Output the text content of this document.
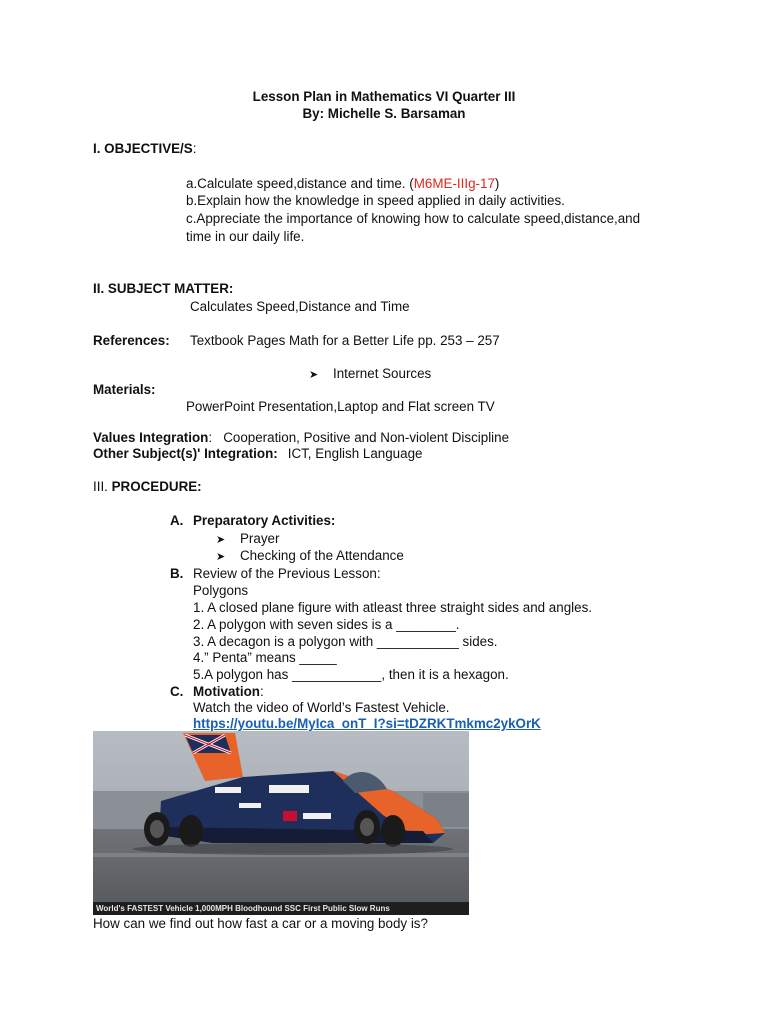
Lesson Plan in Mathematics VI Quarter III
By: Michelle S. Barsaman
I. OBJECTIVE/S:
a.Calculate speed,distance and time. (M6ME-IIIg-17)
b.Explain how the knowledge in speed applied in daily activities.
c.Appreciate the importance of knowing how to calculate speed,distance,and
time in our daily life.
II. SUBJECT MATTER:
Calculates Speed,Distance and Time
References: Textbook Pages Math for a Better Life pp. 253 – 257
➤ Internet Sources
Materials:
PowerPoint Presentation,Laptop and Flat screen TV
Values Integration:   Cooperation, Positive and Non-violent Discipline
Other Subject(s)' Integration: ICT, English Language
III. PROCEDURE:
A. Preparatory Activities:
➤ Prayer
➤ Checking of the Attendance
B. Review of the Previous Lesson:
Polygons
1. A closed plane figure with atleast three straight sides and angles.
2. A polygon with seven sides is a ________.
3. A decagon is a polygon with ___________ sides.
4.” Penta” means _____
5.A polygon has ____________, then it is a hexagon.
C. Motivation:
Watch the video of World’s Fastest Vehicle.
https://youtu.be/MyIca_onT_I?si=tDZRKTmkmc2ykOrK
World's FASTEST Vehicle 1,000MPH Bloodhound SSC First Public Slow Runs
How can we find out how fast a car or a moving body is?
